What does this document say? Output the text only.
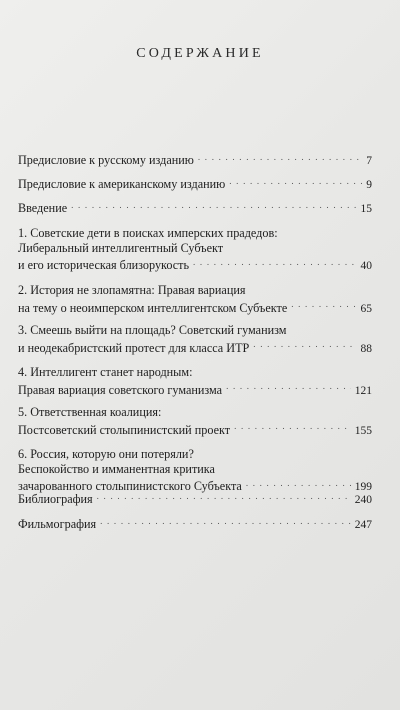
СОДЕРЖАНИЕ
Предисловие к русскому изданию . . .	7
Предисловие к американскому изданию . . .	9
Введение . . .	15
1. Советские дети в поисках имперских прадедов:
Либеральный интеллигентный Субъект
и его историческая близорукость . . .	40
2. История не злопамятна: Правая вариация
на тему о неоимперском интеллигентском Субъекте . . .	65
3. Смеешь выйти на площадь? Советский гуманизм
и неодекабристский протест для класса ИТР . . .	88
4. Интеллигент станет народным:
Правая вариация советского гуманизма . . .	121
5. Ответственная коалиция:
Постсоветский столыпинистский проект . . .	155
6. Россия, которую они потеряли?
Беспокойство и имманентная критика
зачарованного столыпинистского Субъекта . . .	199
Библиография . . .	240
Фильмография . . .	247
